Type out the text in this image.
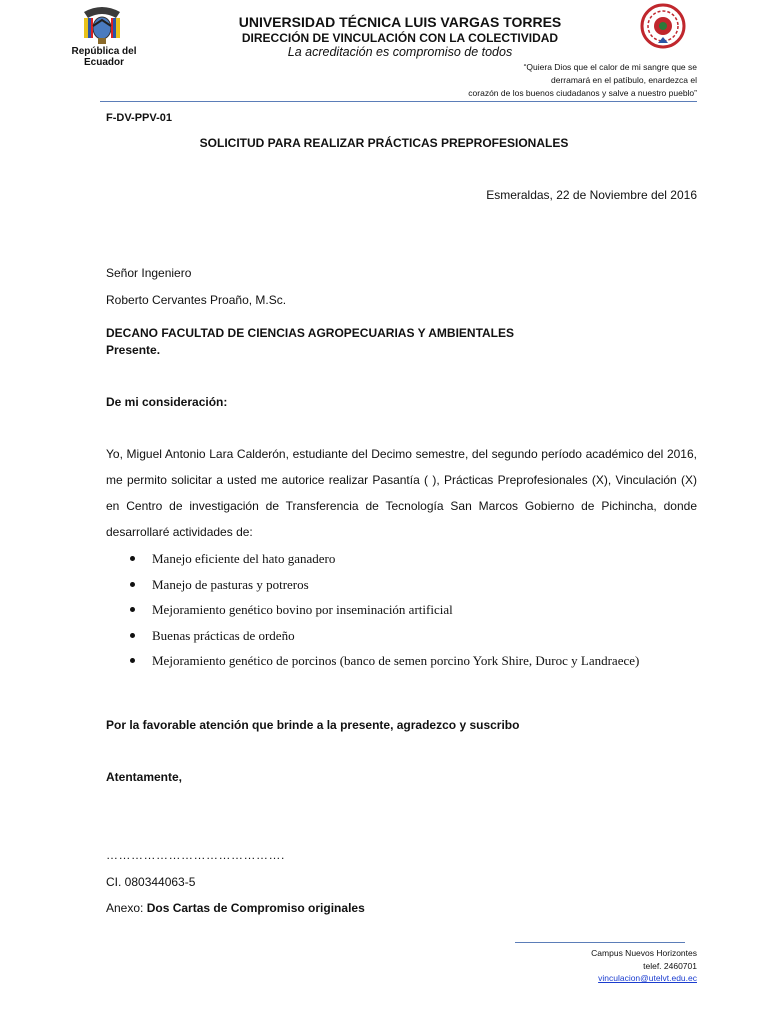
República del Ecuador
UNIVERSIDAD TÉCNICA LUIS VARGAS TORRES
DIRECCIÓN DE VINCULACIÓN CON LA COLECTIVIDAD
La acreditación es compromiso de todos
“Quiera Dios que el calor de mi sangre que se
derramará en el patíbulo, enardezca el
corazón de los buenos ciudadanos y salve a nuestro pueblo”
F-DV-PPV-01
SOLICITUD PARA REALIZAR PRÁCTICAS PREPROFESIONALES
Esmeraldas, 22 de Noviembre del 2016
Señor Ingeniero
Roberto Cervantes Proaño, M.Sc.
DECANO FACULTAD DE CIENCIAS AGROPECUARIAS Y AMBIENTALES
Presente.
De mi consideración:

Yo, Miguel Antonio Lara Calderón, estudiante del Decimo semestre, del segundo período académico del 2016, me permito solicitar a usted me autorice realizar Pasantía ( ), Prácticas Preprofesionales (X), Vinculación (X) en Centro de investigación de Transferencia de Tecnología San Marcos Gobierno de Pichincha, donde desarrollaré actividades de:

Manejo eficiente del hato ganadero
Manejo de pasturas y potreros
Mejoramiento genético bovino por inseminación artificial
Buenas prácticas de ordeño
Mejoramiento genético de porcinos (banco de semen porcino York Shire, Duroc y Landraece)
Por la favorable atención que brinde a la presente, agradezco y suscribo
Atentamente,
…………………………………….
CI. 080344063-5
Anexo: Dos Cartas de Compromiso originales
Campus Nuevos Horizontes
telef. 2460701
vinculacion@utelvt.edu.ec
